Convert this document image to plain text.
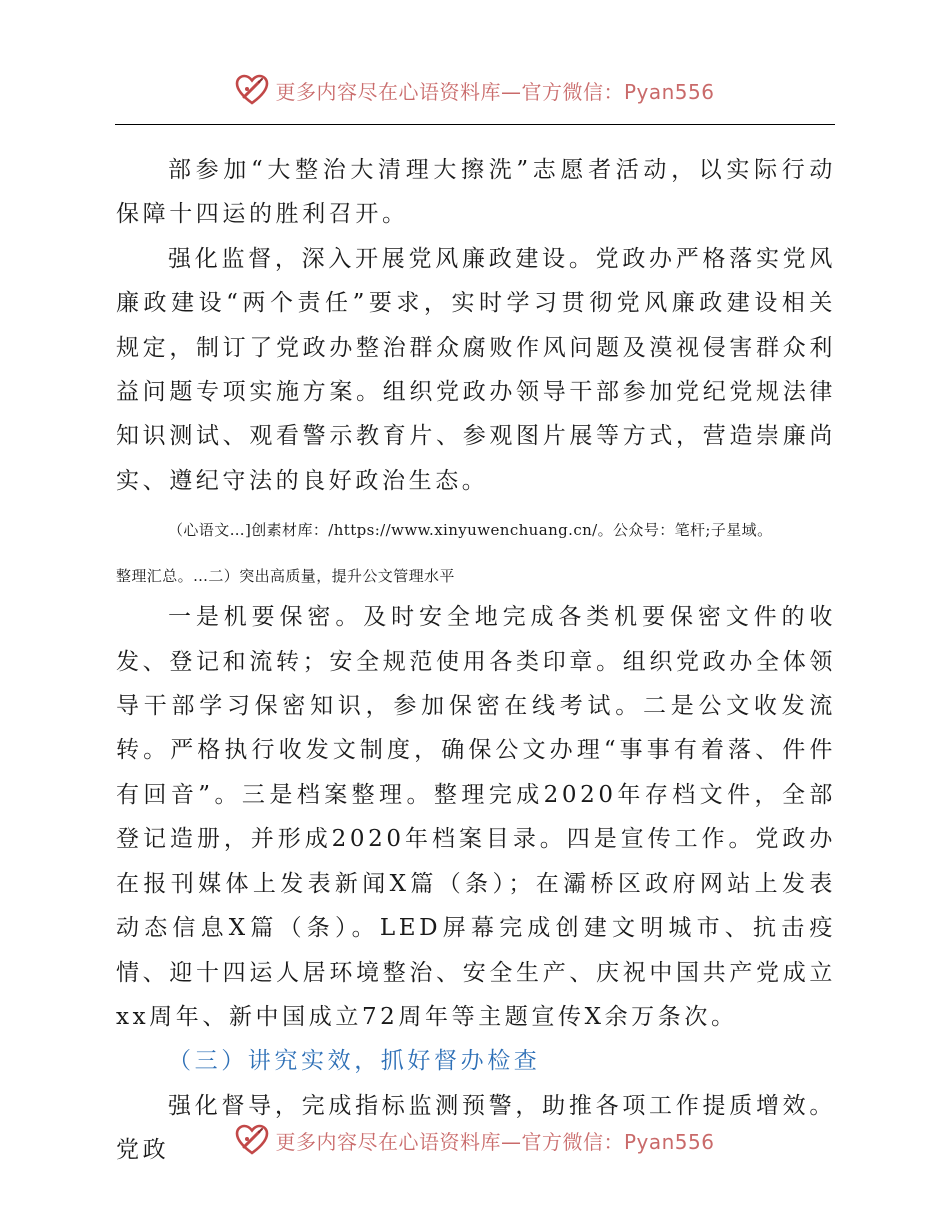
更多内容尽在心语资料库—官方微信：Pyan556

部参加“大整治大清理大擦洗”志愿者活动，以实际行动保障十四运的胜利召开。

强化监督，深入开展党风廉政建设。党政办严格落实党风廉政建设“两个责任”要求，实时学习贯彻党风廉政建设相关规定，制订了党政办整治群众腐败作风问题及漠视侵害群众利益问题专项实施方案。组织党政办领导干部参加党纪党规法律知识测试、观看警示教育片、参观图片展等方式，营造崇廉尚实、遵纪守法的良好政治生态。

（心语文…]创素材库：/https://www.xinyuwenchuang.cn/。公众号：笔杆;子星域。

整理汇总。…二）突出高质量，提升公文管理水平

一是机要保密。及时安全地完成各类机要保密文件的收发、登记和流转；安全规范使用各类印章。组织党政办全体领导干部学习保密知识，参加保密在线考试。二是公文收发流转。严格执行收发文制度，确保公文办理“事事有着落、件件有回音”。三是档案整理。整理完成2020年存档文件，全部登记造册，并形成2020年档案目录。四是宣传工作。党政办在报刊媒体上发表新闻X篇（条）；在灞桥区政府网站上发表动态信息X篇（条）。LED屏幕完成创建文明城市、抗击疫情、迎十四运人居环境整治、安全生产、庆祝中国共产党成立xx周年、新中国成立72周年等主题宣传X余万条次。

（三）讲究实效，抓好督办检查

强化督导，完成指标监测预警，助推各项工作提质增效。党政	更多内容尽在心语资料库—官方微信：Pyan556
